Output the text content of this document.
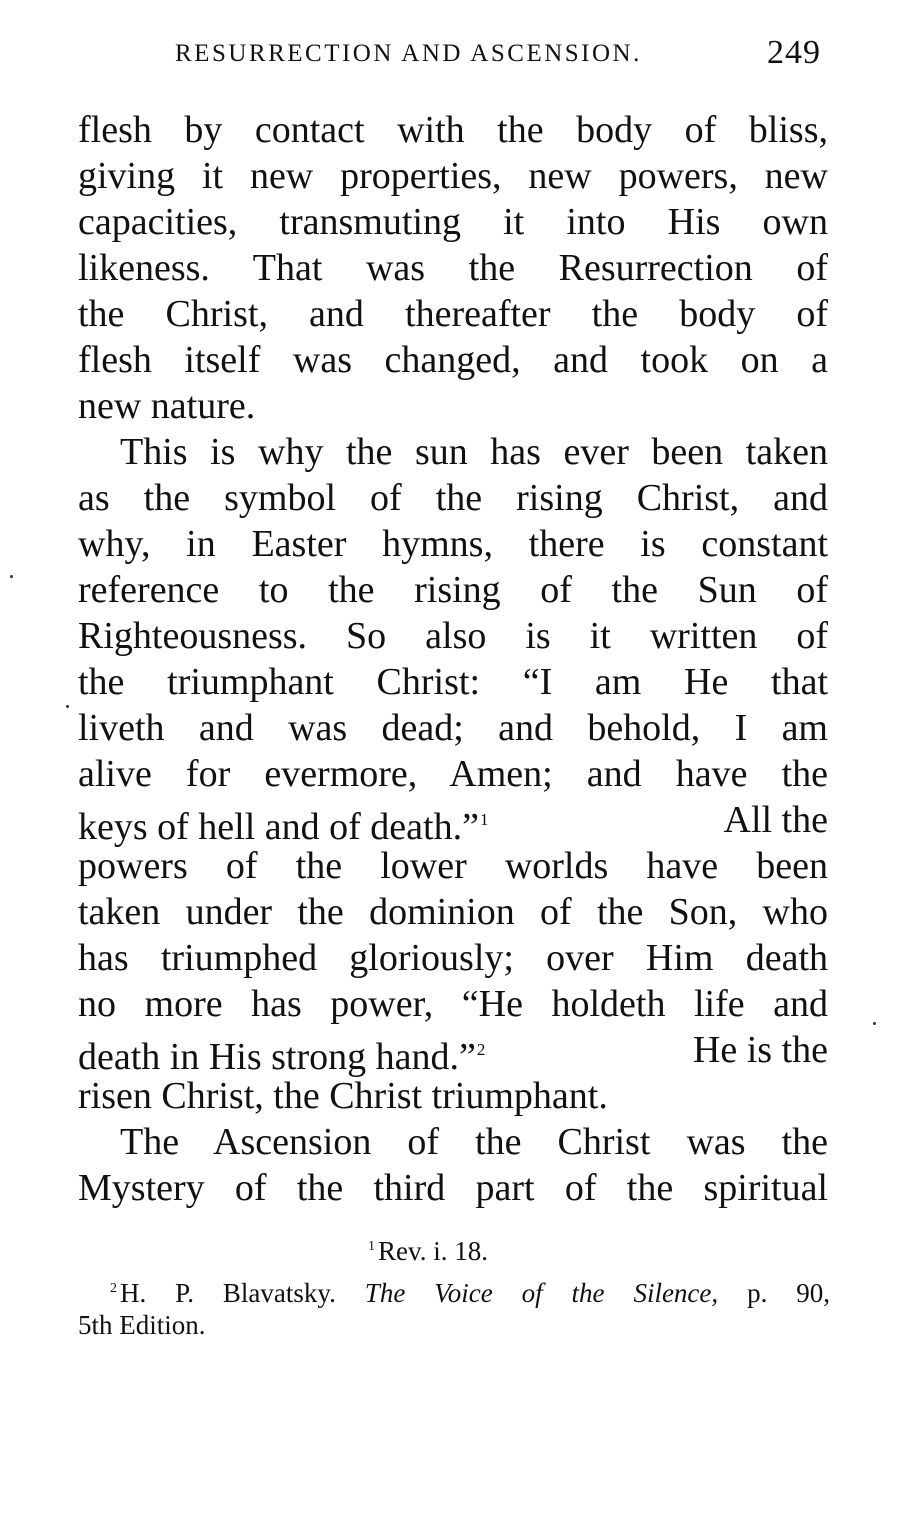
RESURRECTION AND ASCENSION.	249
flesh by contact with the body of bliss,
giving it new properties, new powers, new
capacities, transmuting it into His own
likeness. That was the Resurrection of
the Christ, and thereafter the body of
flesh itself was changed, and took on a
new nature.
This is why the sun has ever been taken
as the symbol of the rising Christ, and
why, in Easter hymns, there is constant
reference to the rising of the Sun of
Righteousness. So also is it written of
the triumphant Christ: “I am He that
liveth and was dead; and behold, I am
alive for evermore, Amen; and have the
keys of hell and of death.”$^1$	All the
powers of the lower worlds have been
taken under the dominion of the Son, who
has triumphed gloriously; over Him death
no more has power, “He holdeth life and
death in His strong hand.”$^2$	He is the
risen Christ, the Christ triumphant.
The Ascension of the Christ was the
Mystery of the third part of the spiritual
$^1$ Rev. i. 18.
$^2$ H. P. Blavatsky. The Voice of the Silence, p. 90,
5th Edition.
